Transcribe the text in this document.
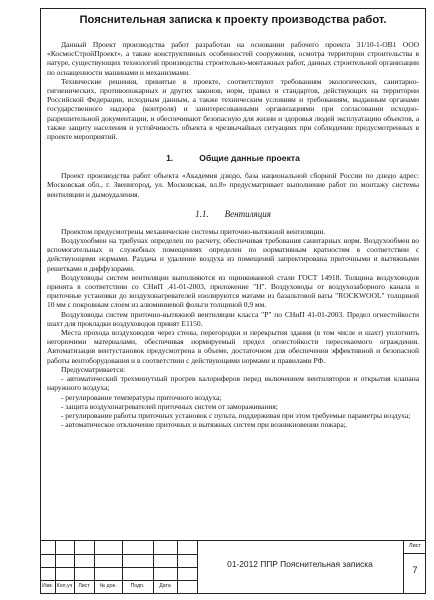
Пояснительная записка к проекту производства работ.

Данный Проект производства работ разработан на основании рабочего проекта 31/10-1-ОВ1 ООО «КосмосСтройПроект», а также конструктивных особенностей сооружения, осмотра территории строительства в натуре, существующих технологий производства строительно-монтажных работ, данных строительной организации по оснащенности машинами и механизмами.

Технические решения, принятые в проекте, соответствуют требованиям экологических, санитарно-гигиенических, противопожарных и других законов, норм, правил и стандартов, действующих на территории Российской Федерации, исходным данным, а также техническим условиям и требованиям, выданным органами государственного надзора (контроля) и заинтересованными организациями при согласовании исходно-разрешительной документации, и обеспечивают безопасную для жизни и здоровья людей эксплуатацию объектов, а также защиту населения и устойчивость объекта в чрезвычайных ситуациях при соблюдении предусмотренных в проекте мероприятий.

1.	Общие данные проекта

Проект производства работ объекта «Академия дзюдо, база национальной сборной России по дзюдо адрес: Московская обл., г. Звенигород, ул. Московская, вл.8» предусматривает выполнение работ по монтажу системы вентиляции и дымоудаления.

1.1. Вентиляция

Проектом предусмотрены механические системы приточно-вытяжной вентиляции.

Воздухообмен на трибунах определен по расчету, обеспечивая требования санитарных норм. Воздухообмен во вспомогательных и служебных помещениях определен по нормативным кратностям в соответствии с действующими нормами. Раздача и удаление воздуха из помещений запректирована приточными и вытяжными решетками и диффузорами.

Воздуховоды систем вентиляции выполняются из оцинкованной стали ГОСТ 14918. Толщина воздуховодов принята в соответствии со СНиП .41-01-2003, приложение "Н". Воздуховоды от воздухозаборного канала и приточные установки до воздухонагревателей изолируются матами из базальтовой ваты "ROCKWOOL" толщиной 10 мм с покровным слоем из алюминиевой фольги толщиной 0,9 мм.

Воздуховоды систем приточно-вытяжной вентиляции класса "Р" по СНиП 41-01-2003. Предел огнестойкости шахт для прокладки воздуховодов принят Е1150.

Места прохода воздуховодов через стены, перегородки и перекрытия здания (в том числе и шахт) уплотнить негорючими материалами, обеспечивая нормируемый предел огнестойкости пересекаемого ограждения. Автоматизация вентустановок предусмотрена в объеме, достаточном для обеспечения эффективной и безопасной работы вентоборудования и в соответствии с действующими нормами и правилами РФ.

Предусматривается:

- автоматический трехминутный прогрев калориферов перед включением вентиляторов и открытия клапана наружного воздуха;

- регулирование температуры приточного воздуха;

- защита воздухонагревателей приточных систем от замораживания;

- регулирование работы приточных установок с пульта, поддерживая при этом требуемые параметры воздуха;

- автоматическое отключение приточных и вытяжных систем при возникновении пожара;.

Изм. Кол.уч	Лист	№ док.	Подп.	Дата
01-2012 ППР Пояснительная записка
Лист
7
